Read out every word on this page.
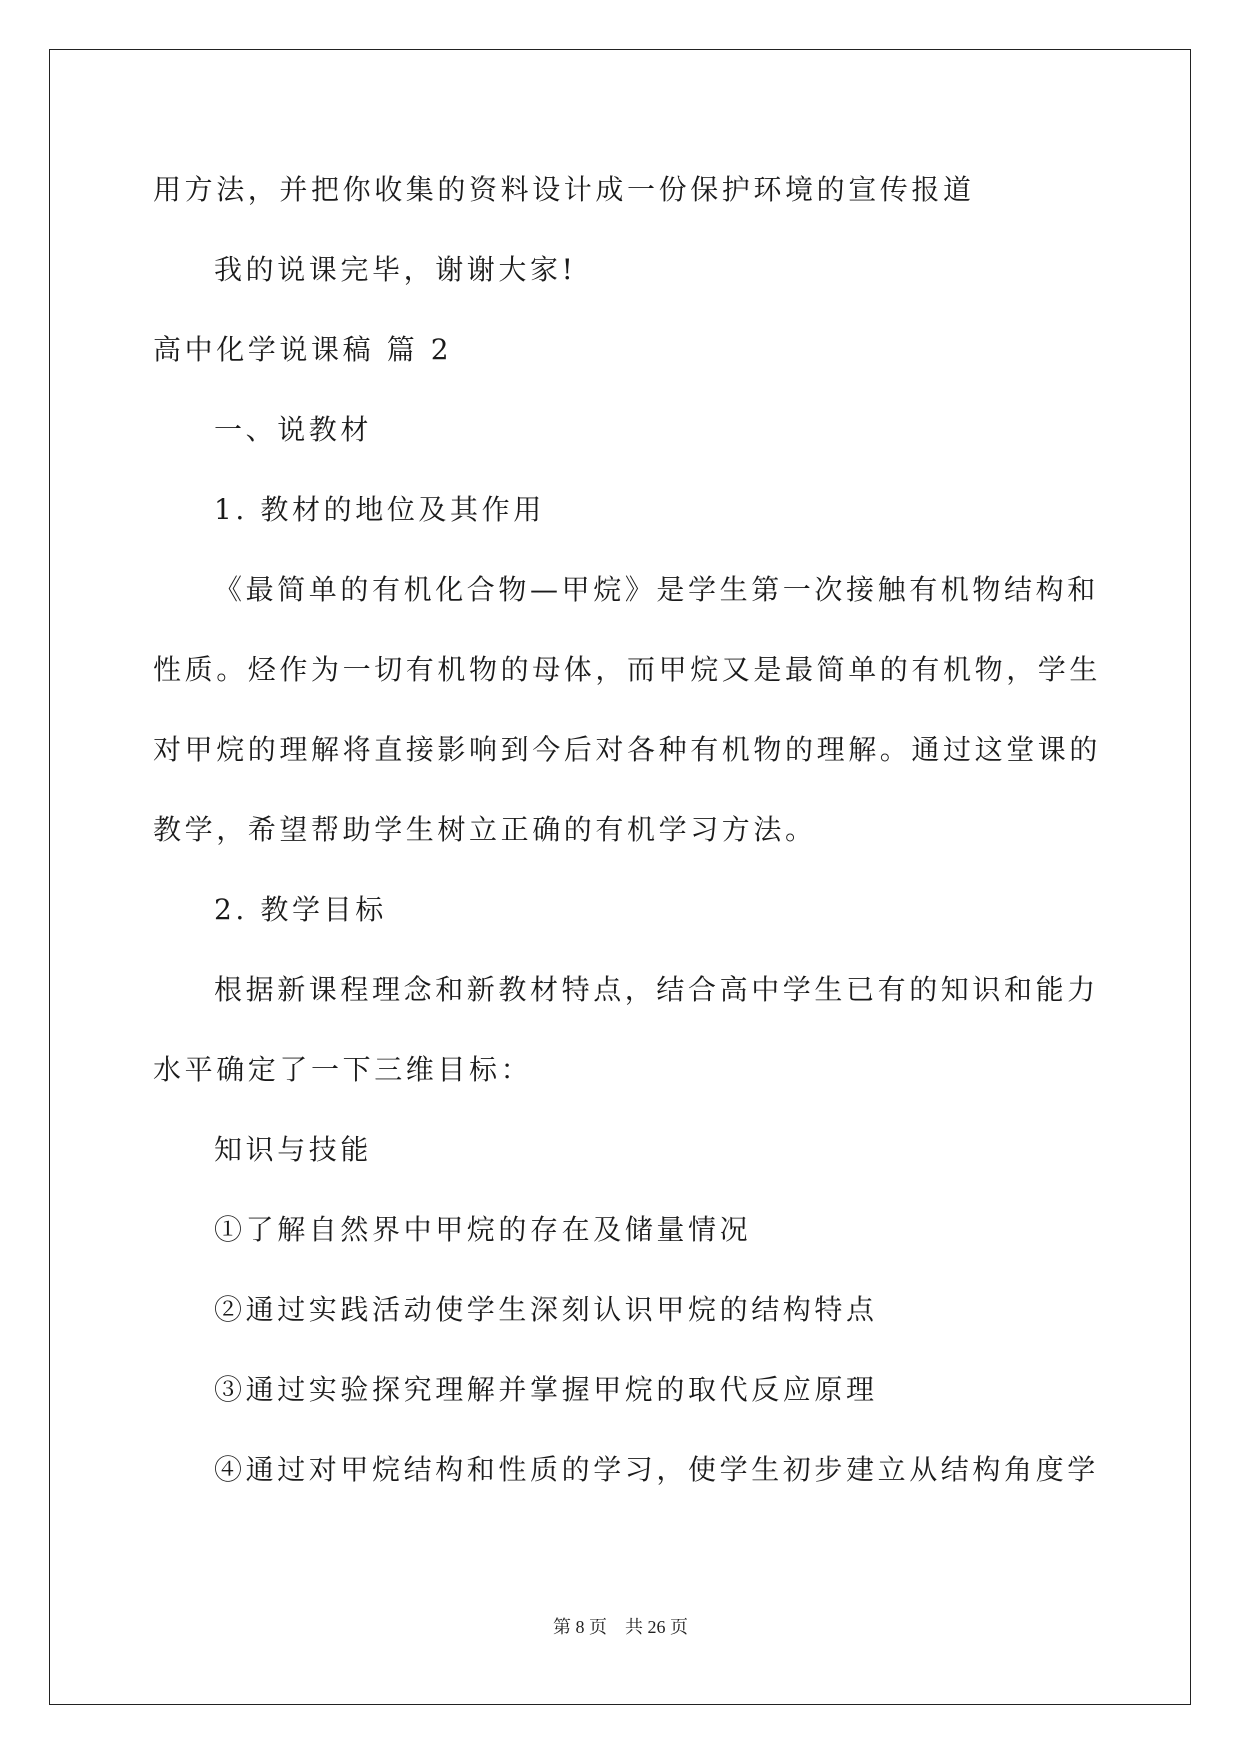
用方法，并把你收集的资料设计成一份保护环境的宣传报道
我的说课完毕，谢谢大家!
高中化学说课稿 篇 2
一、说教材
1. 教材的地位及其作用
《最简单的有机化合物—甲烷》是学生第一次接触有机物结构和
性质。烃作为一切有机物的母体，而甲烷又是最简单的有机物，学生
对甲烷的理解将直接影响到今后对各种有机物的理解。通过这堂课的
教学，希望帮助学生树立正确的有机学习方法。
2. 教学目标
根据新课程理念和新教材特点，结合高中学生已有的知识和能力
水平确定了一下三维目标：
知识与技能
①了解自然界中甲烷的存在及储量情况
②通过实践活动使学生深刻认识甲烷的结构特点
③通过实验探究理解并掌握甲烷的取代反应原理
④通过对甲烷结构和性质的学习，使学生初步建立从结构角度学
第 8 页 共 26 页
